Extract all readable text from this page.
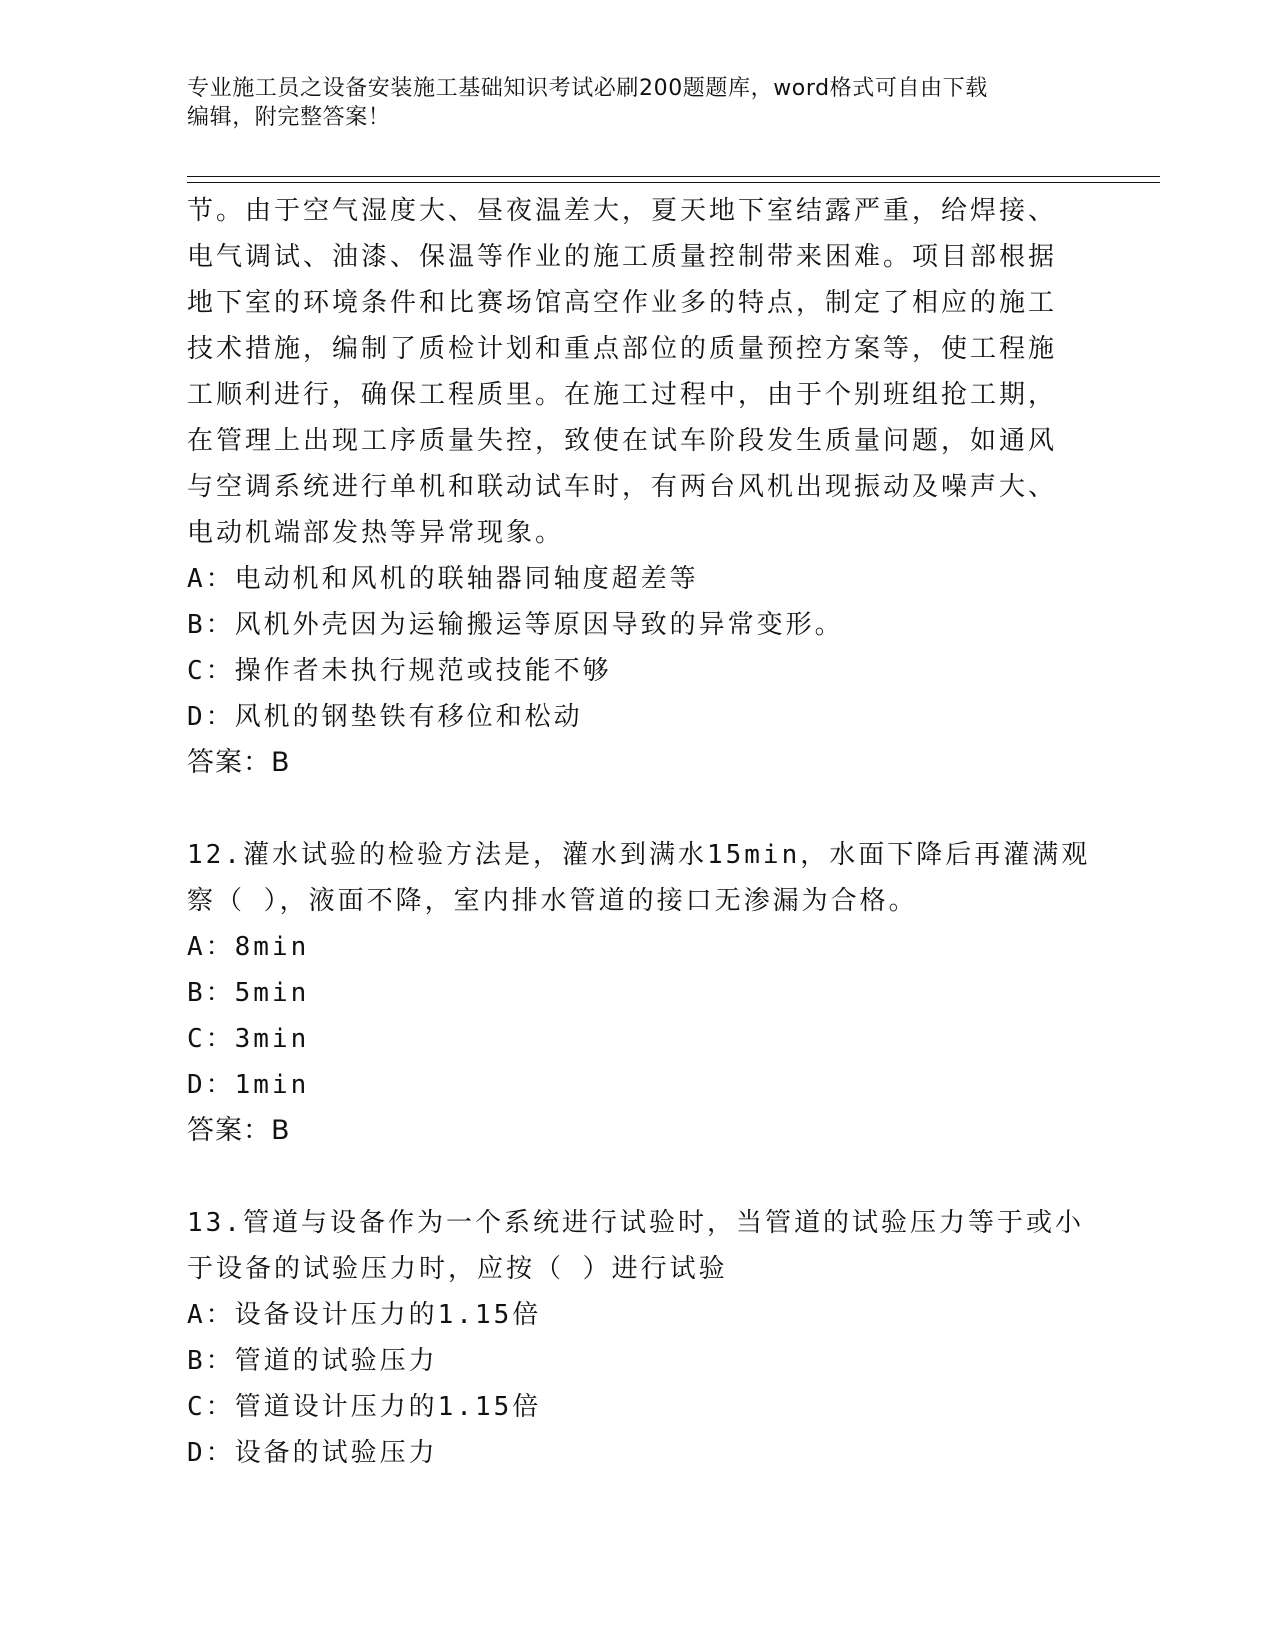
专业施工员之设备安装施工基础知识考试必刷200题题库，word格式可自由下载
编辑，附完整答案！
节。由于空气湿度大、昼夜温差大，夏天地下室结露严重，给焊接、
电气调试、油漆、保温等作业的施工质量控制带来困难。项目部根据
地下室的环境条件和比赛场馆高空作业多的特点，制定了相应的施工
技术措施，编制了质检计划和重点部位的质量预控方案等，使工程施
工顺利进行，确保工程质里。在施工过程中，由于个别班组抢工期，
在管理上出现工序质量失控，致使在试车阶段发生质量问题，如通风
与空调系统进行单机和联动试车时，有两台风机出现振动及噪声大、
电动机端部发热等异常现象。
A：电动机和风机的联轴器同轴度超差等
B：风机外壳因为运输搬运等原因导致的异常变形。
C：操作者未执行规范或技能不够
D：风机的钢垫铁有移位和松动
答案：B
12.灌水试验的检验方法是，灌水到满水15min，水面下降后再灌满观
察（ ），液面不降，室内排水管道的接口无渗漏为合格。
A：8min
B：5min
C：3min
D：1min
答案：B
13.管道与设备作为一个系统进行试验时，当管道的试验压力等于或小
于设备的试验压力时，应按（ ）进行试验
A：设备设计压力的1.15倍
B：管道的试验压力
C：管道设计压力的1.15倍
D：设备的试验压力
